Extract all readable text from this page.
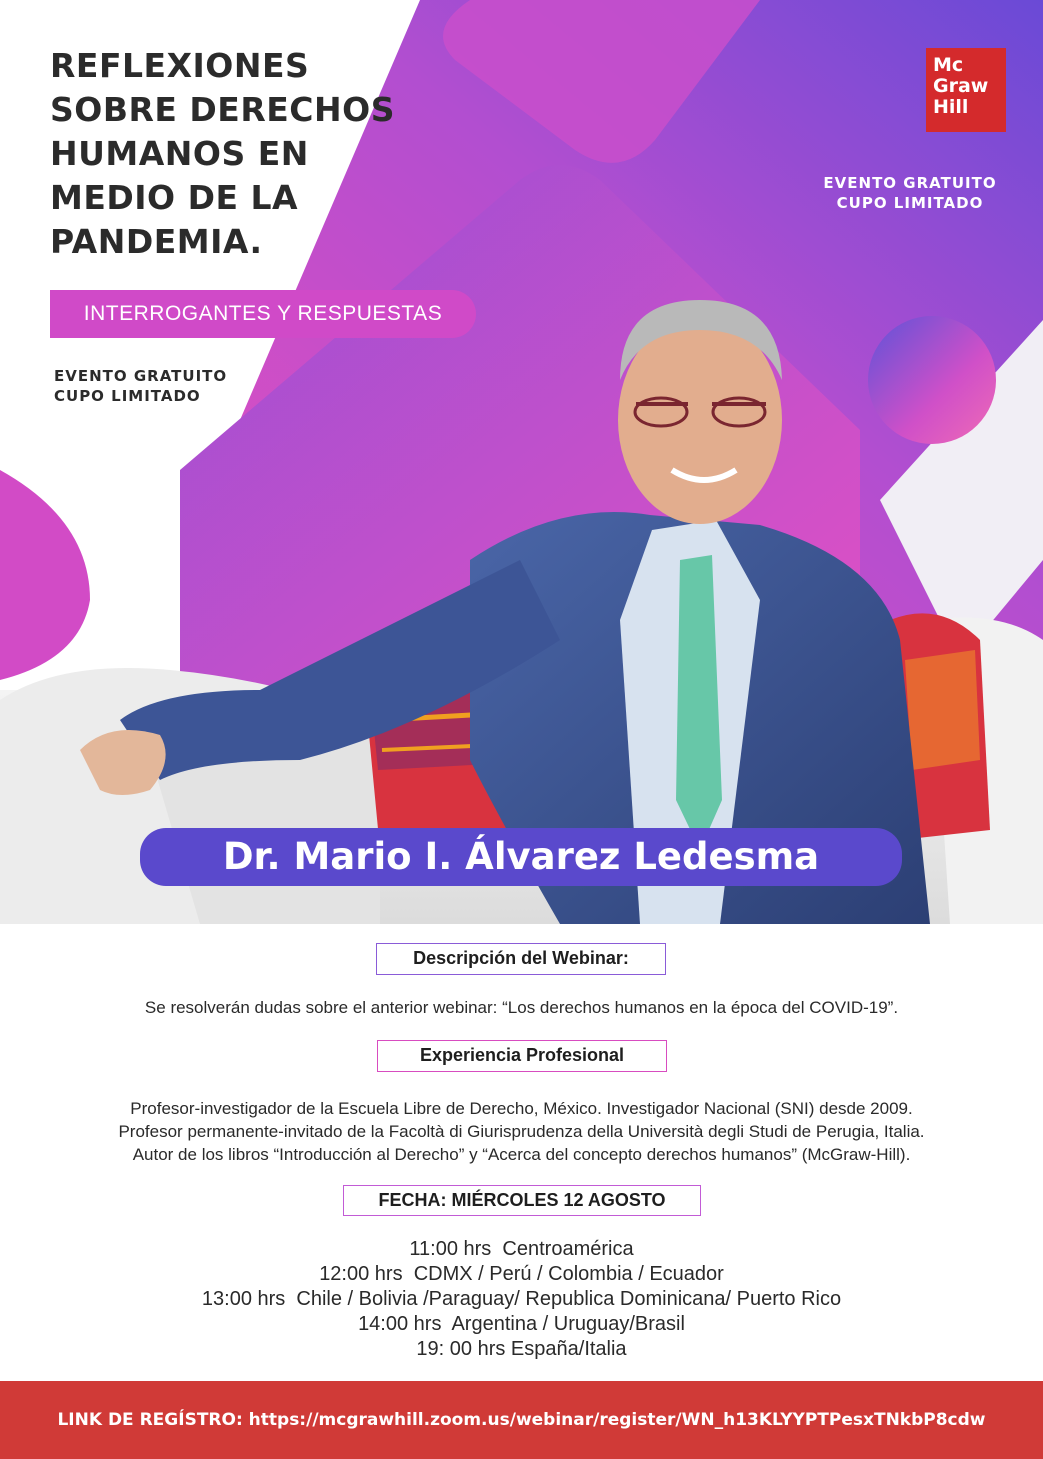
REFLEXIONES
SOBRE DERECHOS
HUMANOS EN
MEDIO DE LA
PANDEMIA.
INTERROGANTES Y RESPUESTAS
EVENTO GRATUITO
CUPO LIMITADO
Mc
Graw
Hill
EVENTO GRATUITO
CUPO LIMITADO
Dr. Mario I. Álvarez Ledesma
Descripción del Webinar:

Se resolverán dudas sobre el anterior webinar: “Los derechos humanos en la época del COVID-19”.

Experiencia Profesional

Profesor-investigador de la Escuela Libre de Derecho, México. Investigador Nacional (SNI) desde 2009.
Profesor permanente-invitado de la Facoltà di Giurisprudenza della Università degli Studi de Perugia, Italia.
Autor de los libros “Introducción al Derecho” y “Acerca del concepto derechos humanos” (McGraw-Hill).

FECHA: MIÉRCOLES 12 AGOSTO
11:00 hrs  Centroamérica
12:00 hrs  CDMX / Perú / Colombia / Ecuador
13:00 hrs  Chile / Bolivia /Paraguay/ Republica Dominicana/ Puerto Rico
14:00 hrs  Argentina / Uruguay/Brasil
19: 00 hrs España/Italia
LINK DE REGÍSTRO: https://mcgrawhill.zoom.us/webinar/register/WN_h13KLYYPTPesxTNkbP8cdw
